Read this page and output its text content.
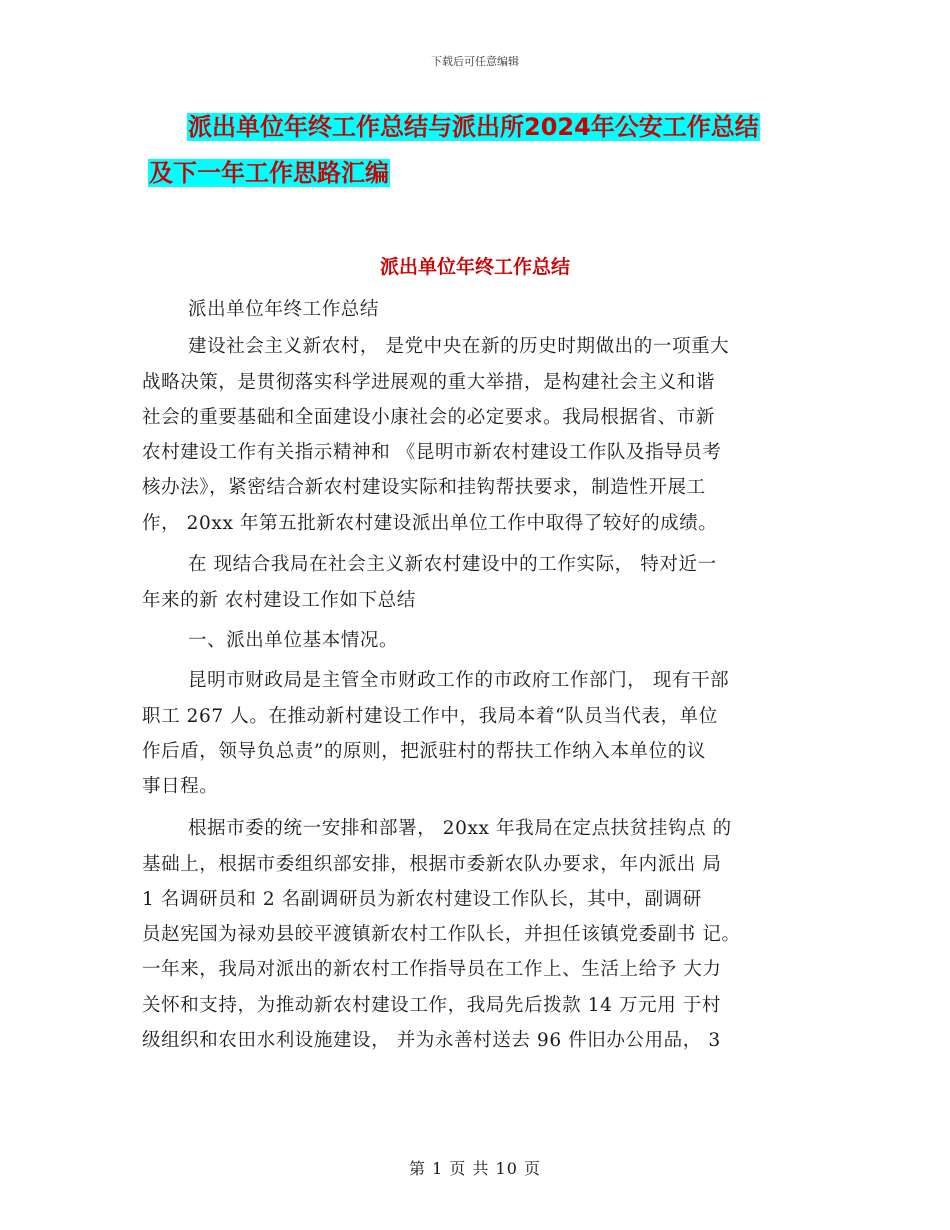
下载后可任意编辑
派出单位年终工作总结与派出所2024年公安工作总结
及下一年工作思路汇编
派出单位年终工作总结
派出单位年终工作总结
建设社会主义新农村， 是党中央在新的历史时期做出的一项重大
战略决策，是贯彻落实科学进展观的重大举措，是构建社会主义和谐
社会的重要基础和全面建设小康社会的必定要求。我局根据省、市新
农村建设工作有关指示精神和 《昆明市新农村建设工作队及指导员考
核办法》，紧密结合新农村建设实际和挂钩帮扶要求，制造性开展工
作， 20xx 年第五批新农村建设派出单位工作中取得了较好的成绩。
在 现结合我局在社会主义新农村建设中的工作实际， 特对近一
年来的新 农村建设工作如下总结
一、派出单位基本情况。
昆明市财政局是主管全市财政工作的市政府工作部门， 现有干部
职工 267 人。在推动新村建设工作中，我局本着“队员当代表，单位
作后盾，领导负总责”的原则，把派驻村的帮扶工作纳入本单位的议
事日程。
根据市委的统一安排和部署， 20xx 年我局在定点扶贫挂钩点 的
基础上，根据市委组织部安排，根据市委新农队办要求，年内派出 局
1 名调研员和 2 名副调研员为新农村建设工作队长，其中，副调研
员赵宪国为禄劝县皎平渡镇新农村工作队长，并担任该镇党委副书 记。
一年来，我局对派出的新农村工作指导员在工作上、生活上给予 大力
关怀和支持，为推动新农村建设工作，我局先后拨款 14 万元用 于村
级组织和农田水利设施建设， 并为永善村送去 96 件旧办公用品， 3
第 1 页 共 10 页
